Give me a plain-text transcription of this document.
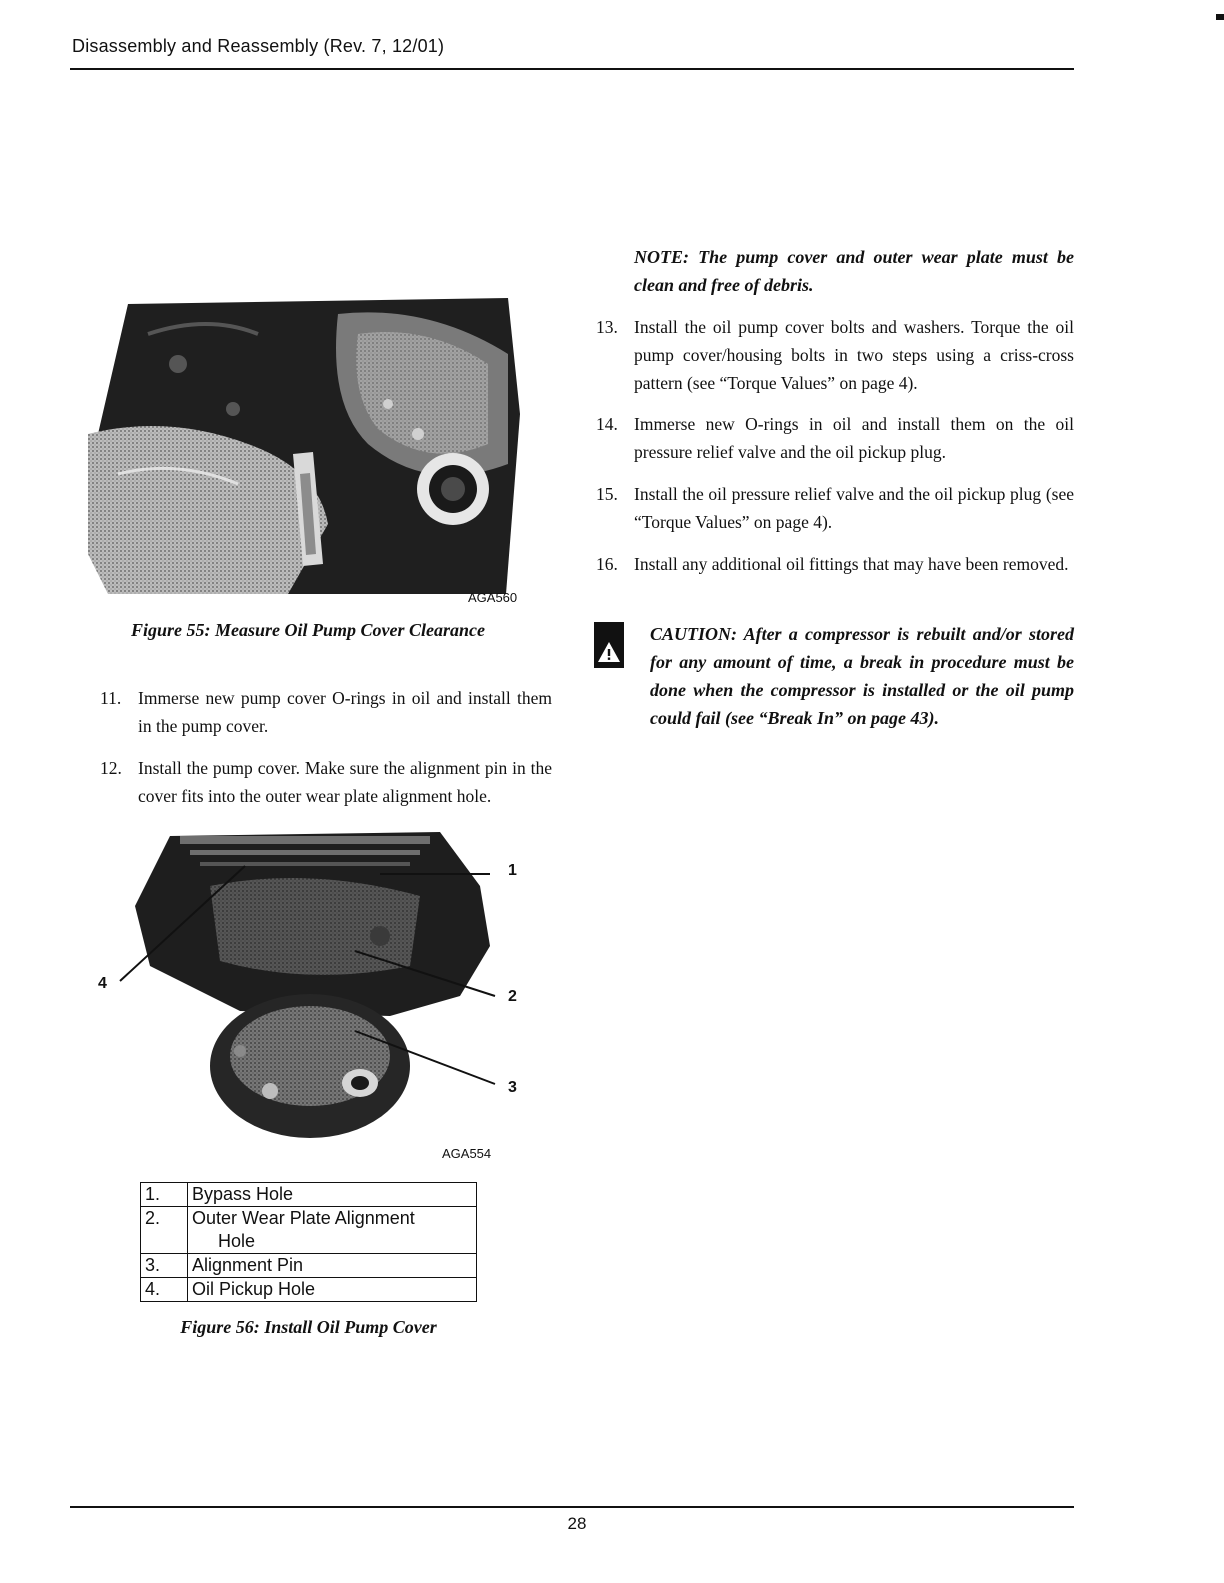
Disassembly and Reassembly (Rev. 7, 12/01)
AGA560
Figure 55: Measure Oil Pump Cover Clearance
11. Immerse new pump cover O-rings in oil and install them in the pump cover.
12. Install the pump cover. Make sure the alignment pin in the cover fits into the outer wear plate alignment hole.
1
2
3
4
AGA554
1.	Bypass Hole
2.	Outer Wear Plate Alignment
Hole

3.	Alignment Pin
4.	Oil Pickup Hole
Figure 56: Install Oil Pump Cover
NOTE: The pump cover and outer wear plate must be clean and free of debris.
13. Install the oil pump cover bolts and washers. Torque the oil pump cover/housing bolts in two steps using a criss-cross pattern (see “Torque Values” on page 4).
14. Immerse new O-rings in oil and install them on the oil pressure relief valve and the oil pickup plug.
15. Install the oil pressure relief valve and the oil pickup plug (see “Torque Values” on page 4).
16. Install any additional oil fittings that may have been removed.
CAUTION: After a compressor is rebuilt and/or stored for any amount of time, a break in procedure must be done when the compressor is installed or the oil pump could fail (see “Break In” on page 43).
28
